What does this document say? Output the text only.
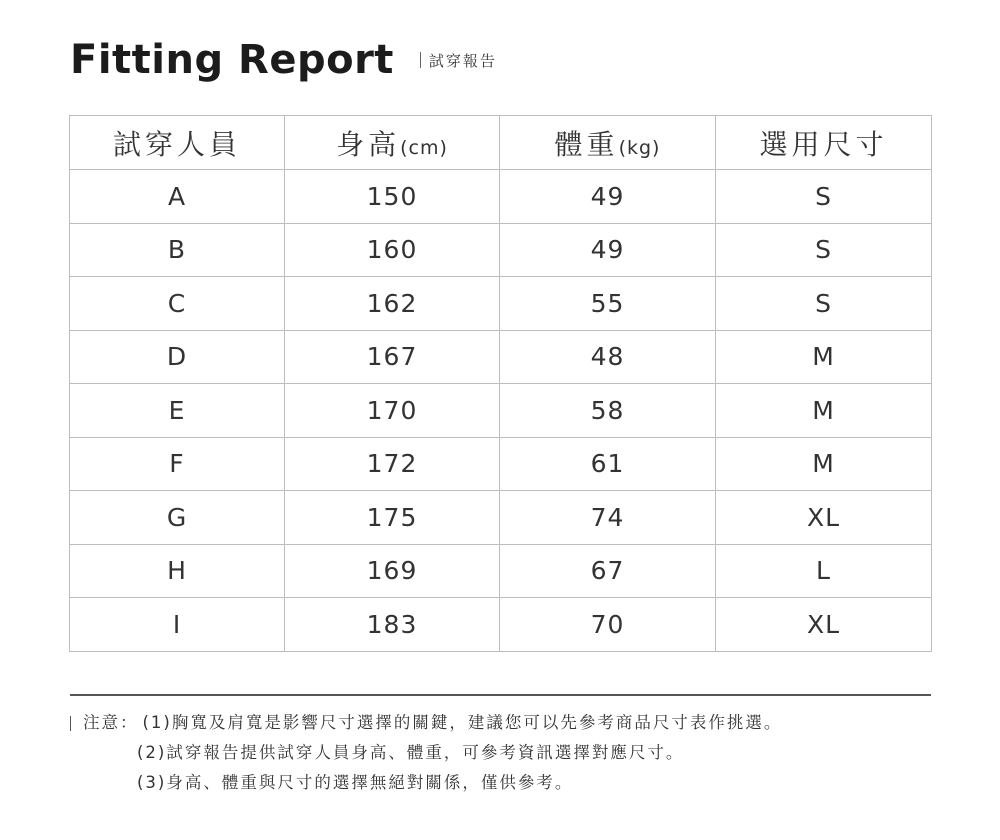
Fitting Report 試穿報告
試穿人員	身高(cm)	體重(kg)	選用尺寸
A	150	49	S
B	160	49	S
C	162	55	S
D	167	48	M
E	170	58	M
F	172	61	M
G	175	74	XL
H	169	67	L
I	183	70	XL
注意： (1)胸寬及肩寬是影響尺寸選擇的關鍵，建議您可以先參考商品尺寸表作挑選。
(2)試穿報告提供試穿人員身高、體重，可參考資訊選擇對應尺寸。
(3)身高、體重與尺寸的選擇無絕對關係，僅供參考。
